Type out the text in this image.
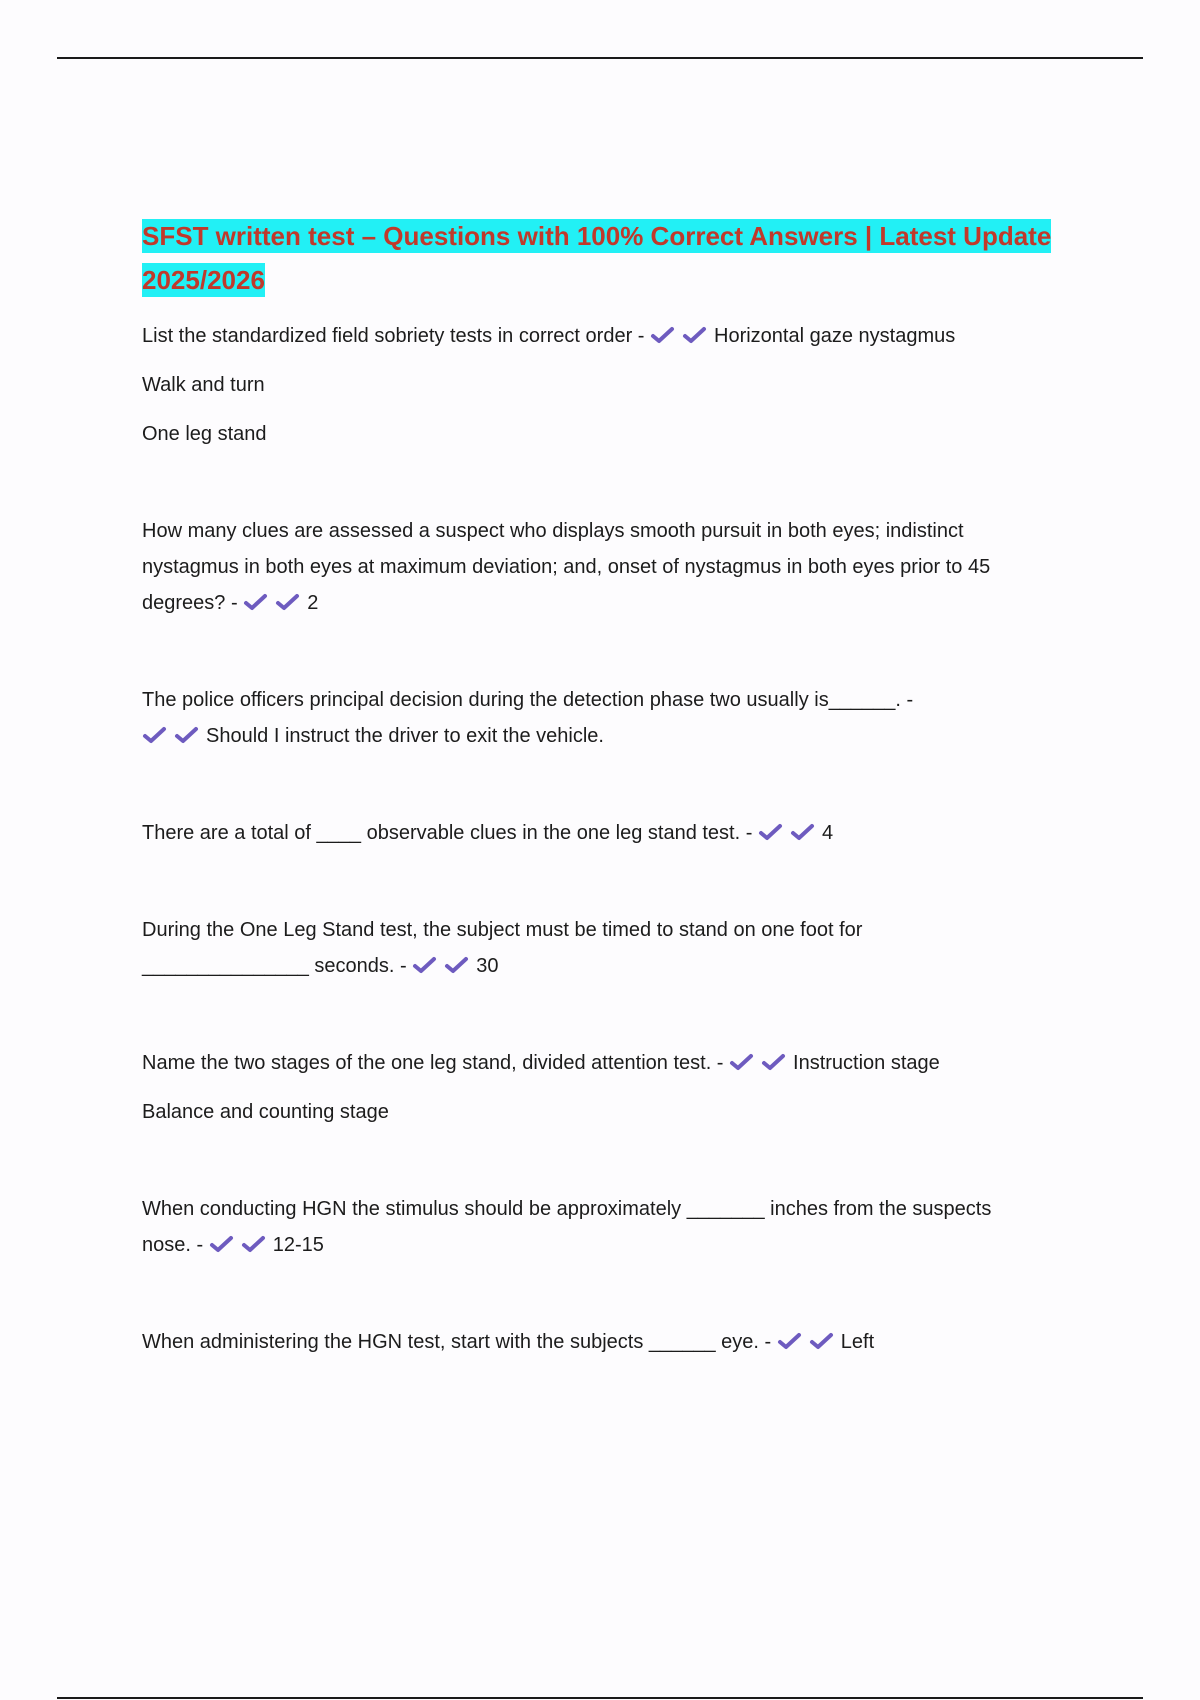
SFST written test – Questions with 100% Correct Answers | Latest Update 2025/2026
List the standardized field sobriety tests in correct order -	Horizontal gaze nystagmus
Walk and turn
One leg stand
How many clues are assessed a suspect who displays smooth pursuit in both eyes; indistinct
nystagmus in both eyes at maximum deviation; and, onset of nystagmus in both eyes prior to 45
degrees? -	2
The police officers principal decision during the detection phase two usually is______. -
Should I instruct the driver to exit the vehicle.
There are a total of ____ observable clues in the one leg stand test. -	4
During the One Leg Stand test, the subject must be timed to stand on one foot for
_______________ seconds. -	30
Name the two stages of the one leg stand, divided attention test. -	Instruction stage
Balance and counting stage
When conducting HGN the stimulus should be approximately _______ inches from the suspects
nose. -	12-15
When administering the HGN test, start with the subjects ______ eye. -	Left
